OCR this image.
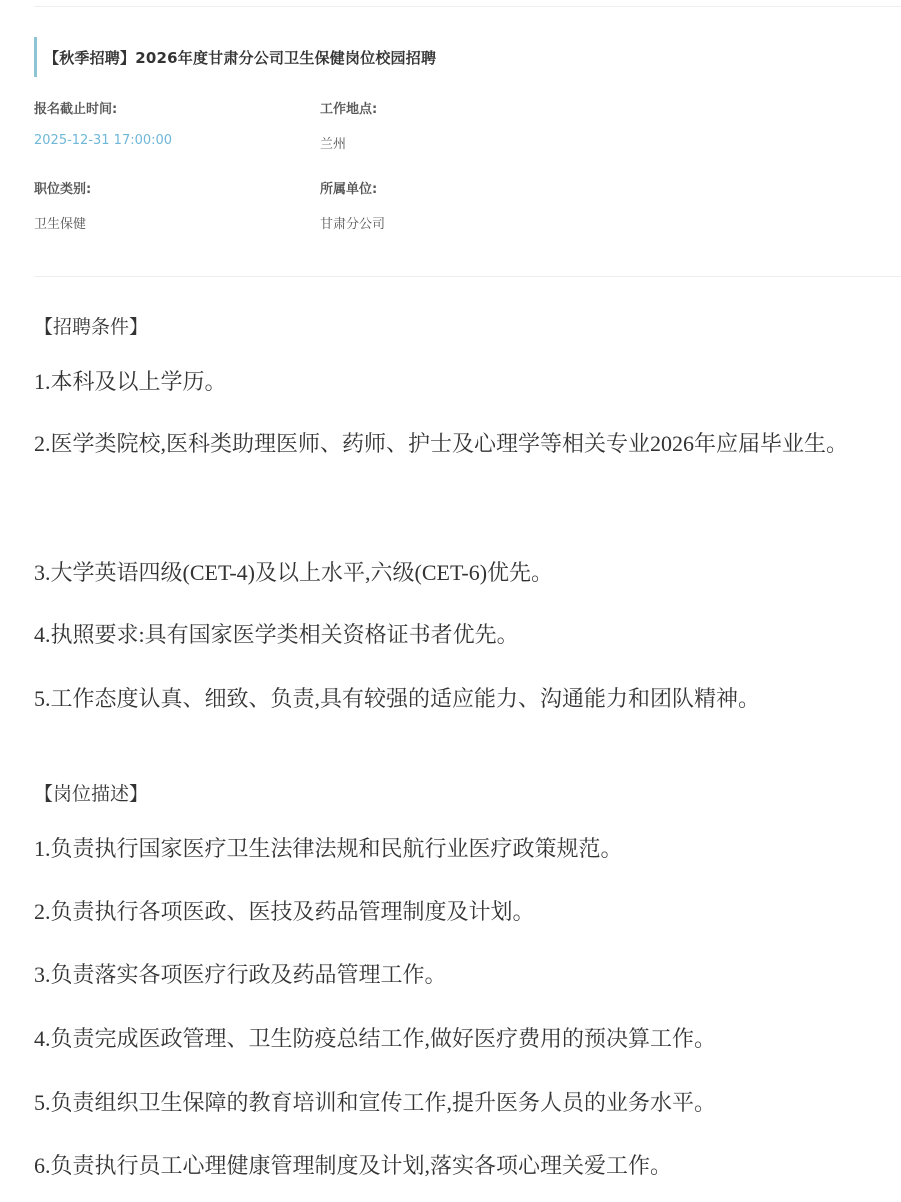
【秋季招聘】2026年度甘肃分公司卫生保健岗位校园招聘
报名截止时间:
2025-12-31 17:00:00
工作地点:
兰州
职位类别:
卫生保健
所属单位:
甘肃分公司
【招聘条件】
1.本科及以上学历。
2.医学类院校,医科类助理医师、药师、护士及心理学等相关专业2026年应届毕业生。
3.大学英语四级(CET-4)及以上水平,六级(CET-6)优先。
4.执照要求:具有国家医学类相关资格证书者优先。
5.工作态度认真、细致、负责,具有较强的适应能力、沟通能力和团队精神。
【岗位描述】
1.负责执行国家医疗卫生法律法规和民航行业医疗政策规范。
2.负责执行各项医政、医技及药品管理制度及计划。
3.负责落实各项医疗行政及药品管理工作。
4.负责完成医政管理、卫生防疫总结工作,做好医疗费用的预决算工作。
5.负责组织卫生保障的教育培训和宣传工作,提升医务人员的业务水平。
6.负责执行员工心理健康管理制度及计划,落实各项心理关爱工作。
